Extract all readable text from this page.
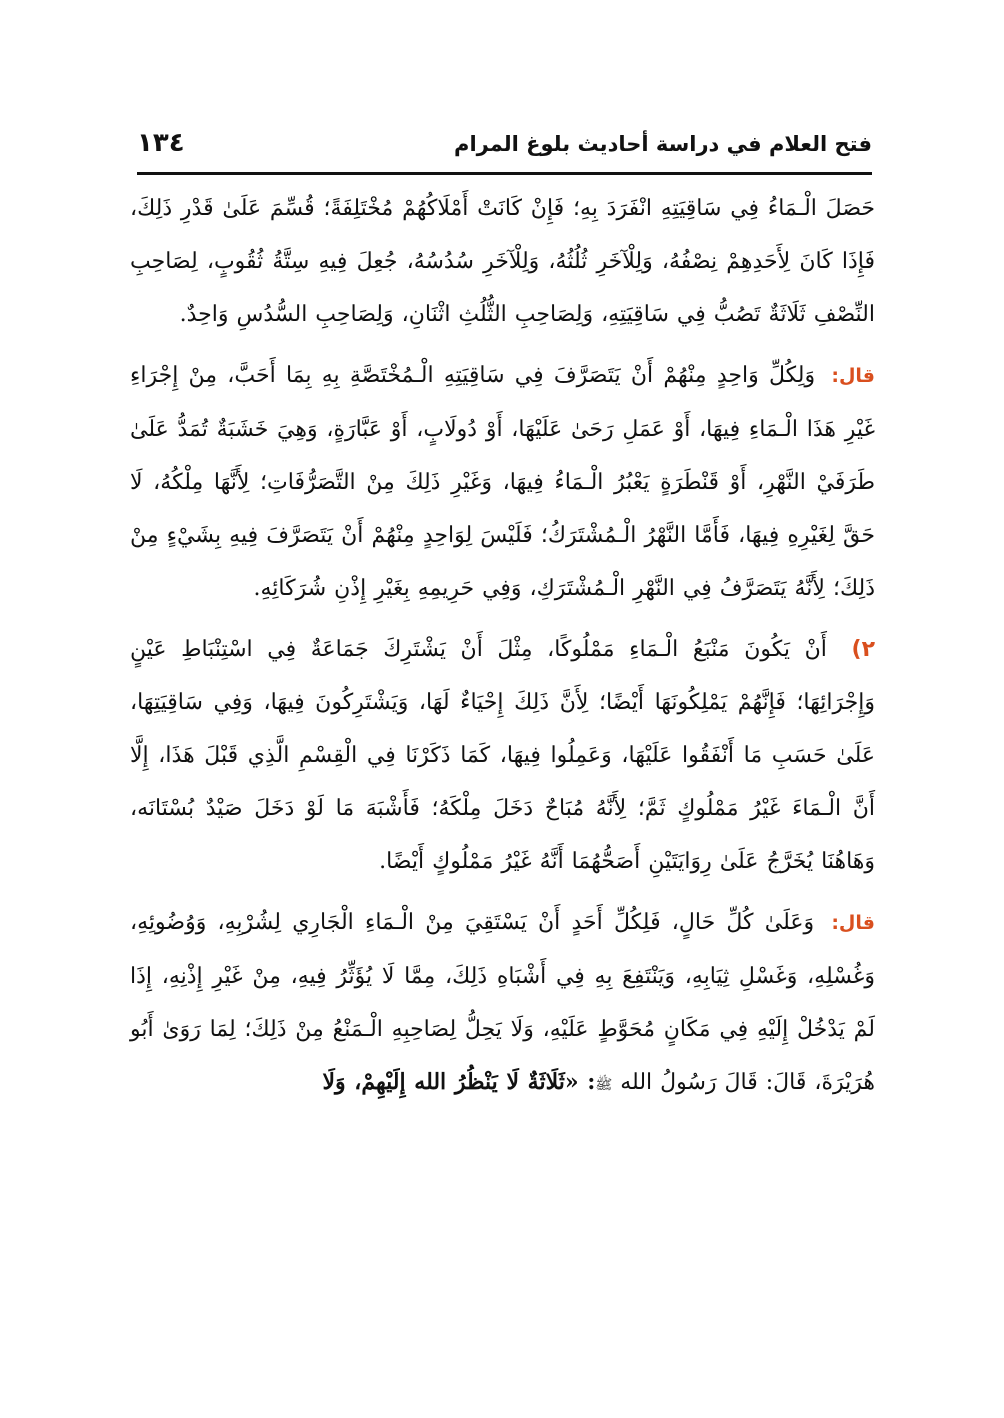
فتح العلام في دراسة أحاديث بلوغ المرام
١٣٤

حَصَلَ الْـمَاءُ فِي سَاقِيَتِهِ انْفَرَدَ بِهِ؛ فَإِنْ كَانَتْ أَمْلَاكُهُمْ مُخْتَلِفَةً؛ قُسِّمَ عَلَىٰ قَدْرِ ذَلِكَ، فَإِذَا كَانَ لِأَحَدِهِمْ نِصْفُهُ، وَلِلْآخَرِ ثُلُثُهُ، وَلِلْآخَرِ سُدُسُهُ، جُعِلَ فِيهِ سِتَّةُ ثُقُوبٍ، لِصَاحِبِ النِّصْفِ ثَلَاثَةٌ تَصُبُّ فِي سَاقِيَتِهِ، وَلِصَاحِبِ الثُّلُثِ اثْنَانِ، وَلِصَاحِبِ السُّدُسِ وَاحِدٌ.

قال: وَلِكُلِّ وَاحِدٍ مِنْهُمْ أَنْ يَتَصَرَّفَ فِي سَاقِيَتِهِ الْـمُخْتَصَّةِ بِهِ بِمَا أَحَبَّ، مِنْ إِجْرَاءِ غَيْرِ هَذَا الْـمَاءِ فِيهَا، أَوْ عَمَلِ رَحَىٰ عَلَيْهَا، أَوْ دُولَابٍ، أَوْ عَبَّارَةٍ، وَهِيَ خَشَبَةٌ تُمَدُّ عَلَىٰ طَرَفَيْ النَّهْرِ، أَوْ قَنْطَرَةٍ يَعْبُرُ الْـمَاءُ فِيهَا، وَغَيْرِ ذَلِكَ مِنْ التَّصَرُّفَاتِ؛ لِأَنَّهَا مِلْكُهُ، لَا حَقَّ لِغَيْرِهِ فِيهَا، فَأَمَّا النَّهْرُ الْـمُشْتَرَكُ؛ فَلَيْسَ لِوَاحِدٍ مِنْهُمْ أَنْ يَتَصَرَّفَ فِيهِ بِشَيْءٍ مِنْ ذَلِكَ؛ لِأَنَّهُ يَتَصَرَّفُ فِي النَّهْرِ الْـمُشْتَرَكِ، وَفِي حَرِيمِهِ بِغَيْرِ إِذْنِ شُرَكَائِهِ.

٢) أَنْ يَكُونَ مَنْبَعُ الْـمَاءِ مَمْلُوكًا، مِثْلَ أَنْ يَشْتَرِكَ جَمَاعَةٌ فِي اسْتِنْبَاطِ عَيْنٍ وَإِجْرَائِهَا؛ فَإِنَّهُمْ يَمْلِكُونَهَا أَيْضًا؛ لِأَنَّ ذَلِكَ إِحْيَاءٌ لَهَا، وَيَشْتَرِكُونَ فِيهَا، وَفِي سَاقِيَتِهَا، عَلَىٰ حَسَبِ مَا أَنْفَقُوا عَلَيْهَا، وَعَمِلُوا فِيهَا، كَمَا ذَكَرْنَا فِي الْقِسْمِ الَّذِي قَبْلَ هَذَا، إِلَّا أَنَّ الْـمَاءَ غَيْرُ مَمْلُوكٍ ثَمَّ؛ لِأَنَّهُ مُبَاحٌ دَخَلَ مِلْكَهُ؛ فَأَشْبَهَ مَا لَوْ دَخَلَ صَيْدٌ بُسْتَانَه، وَهَاهُنَا يُخَرَّجُ عَلَىٰ رِوَايَتَيْنِ أَصَحُّهُمَا أَنَّهُ غَيْرُ مَمْلُوكٍ أَيْضًا.

قال: وَعَلَىٰ كُلِّ حَالٍ، فَلِكُلِّ أَحَدٍ أَنْ يَسْتَقِيَ مِنْ الْـمَاءِ الْجَارِي لِشُرْبِهِ، وَوُضُوئِهِ، وَغُسْلِهِ، وَغَسْلِ ثِيَابِهِ، وَيَنْتَفِعَ بِهِ فِي أَشْبَاهِ ذَلِكَ، مِمَّا لَا يُؤَثِّرُ فِيهِ، مِنْ غَيْرِ إِذْنِهِ، إِذَا لَمْ يَدْخُلْ إِلَيْهِ فِي مَكَانٍ مُحَوَّطٍ عَلَيْهِ، وَلَا يَحِلُّ لِصَاحِبِهِ الْـمَنْعُ مِنْ ذَلِكَ؛ لِمَا رَوَىٰ أَبُو هُرَيْرَةَ، قَالَ: قَالَ رَسُولُ الله ﷺ: «ثَلَاثَةٌ لَا يَنْظُرُ الله إِلَيْهِمْ، وَلَا
